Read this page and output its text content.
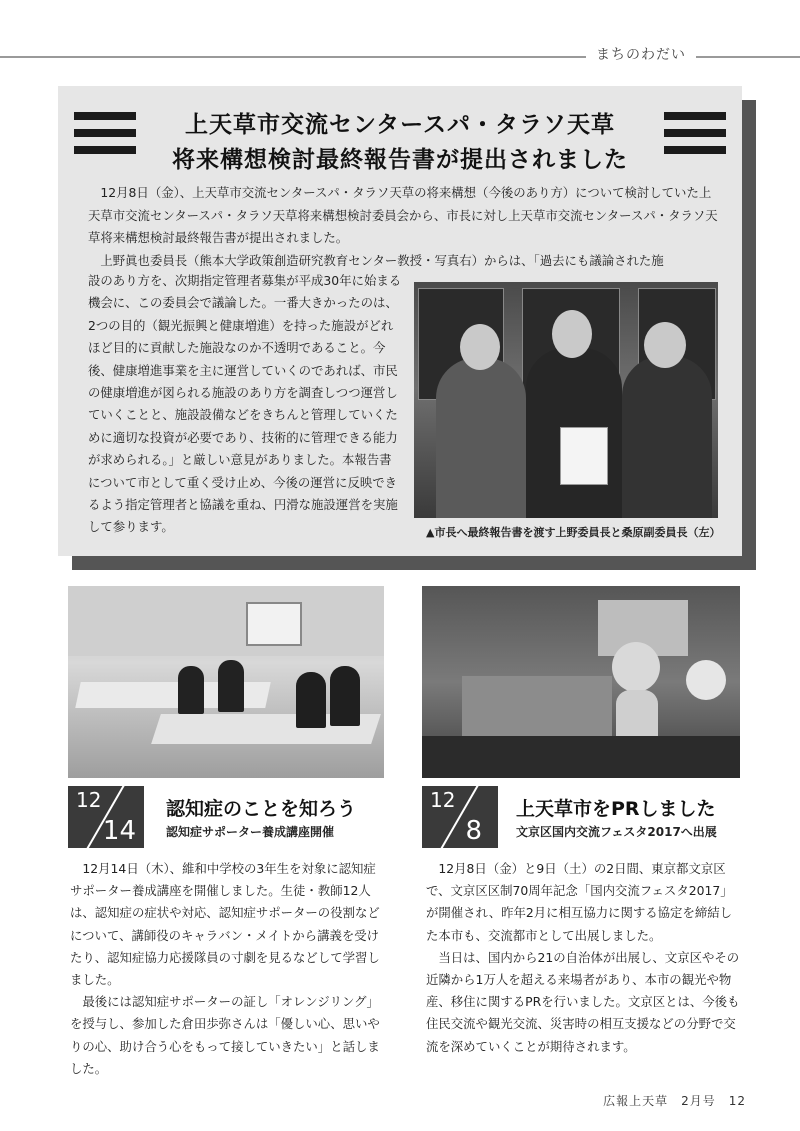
まちのわだい
上天草市交流センタースパ・タラソ天草
将来構想検討最終報告書が提出されました

12月8日（金）、上天草市交流センタースパ・タラソ天草の将来構想（今後のあり方）について検討していた上天草市交流センタースパ・タラソ天草将来構想検討委員会から、市長に対し上天草市交流センタースパ・タラソ天草将来構想検討最終報告書が提出されました。

上野眞也委員長（熊本大学政策創造研究教育センター教授・写真右）からは、「過去にも議論された施

設のあり方を、次期指定管理者募集が平成30年に始まる機会に、この委員会で議論した。一番大きかったのは、2つの目的（観光振興と健康増進）を持った施設がどれほど目的に貢献した施設なのか不透明であること。今後、健康増進事業を主に運営していくのであれば、市民の健康増進が図られる施設のあり方を調査しつつ運営していくことと、施設設備などをきちんと管理していくために適切な投資が必要であり、技術的に管理できる能力が求められる。」と厳しい意見がありました。本報告書について市として重く受け止め、今後の運営に反映できるよう指定管理者と協議を重ね、円滑な施設運営を実施して参ります。	▲市長へ最終報告書を渡す上野委員長と桑原副委員長（左）
12
14
認知症のことを知ろう
認知症サポーター養成講座開催

12月14日（木）、維和中学校の3年生を対象に認知症サポーター養成講座を開催しました。生徒・教師12人は、認知症の症状や対応、認知症サポーターの役割などについて、講師役のキャラバン・メイトから講義を受けたり、認知症協力応援隊員の寸劇を見るなどして学習しました。

最後には認知症サポーターの証し「オレンジリング」を授与し、参加した倉田歩弥さんは「優しい心、思いやりの心、助け合う心をもって接していきたい」と話しました。

12
8
上天草市をPRしました
文京区国内交流フェスタ2017へ出展

12月8日（金）と9日（土）の2日間、東京都文京区で、文京区区制70周年記念「国内交流フェスタ2017」が開催され、昨年2月に相互協力に関する協定を締結した本市も、交流都市として出展しました。

当日は、国内から21の自治体が出展し、文京区やその近隣から1万人を超える来場者があり、本市の観光や物産、移住に関するPRを行いました。文京区とは、今後も住民交流や観光交流、災害時の相互支援などの分野で交流を深めていくことが期待されます。

広報上天草　2月号　12
